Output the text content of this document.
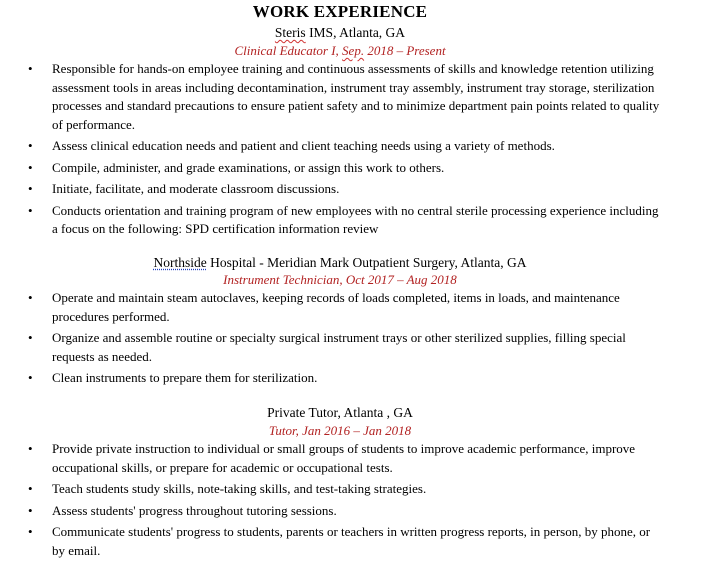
WORK EXPERIENCE
Steris IMS, Atlanta, GA
Clinical Educator I, Sep. 2018 – Present
• Responsible for hands-on employee training and continuous assessments of skills and knowledge retention utilizing assessment tools in areas including decontamination, instrument tray assembly, instrument tray storage, sterilization processes and standard precautions to ensure patient safety and to minimize department pain points related to quality of performance.
• Assess clinical education needs and patient and client teaching needs using a variety of methods.
• Compile, administer, and grade examinations, or assign this work to others.
• Initiate, facilitate, and moderate classroom discussions.
• Conducts orientation and training program of new employees with no central sterile processing experience including a focus on the following: SPD certification information review
Northside Hospital - Meridian Mark Outpatient Surgery, Atlanta, GA
Instrument Technician, Oct 2017 – Aug 2018
• Operate and maintain steam autoclaves, keeping records of loads completed, items in loads, and maintenance procedures performed.
• Organize and assemble routine or specialty surgical instrument trays or other sterilized supplies, filling special requests as needed.
• Clean instruments to prepare them for sterilization.
Private Tutor, Atlanta , GA
Tutor, Jan 2016 – Jan 2018
• Provide private instruction to individual or small groups of students to improve academic performance, improve occupational skills, or prepare for academic or occupational tests.
• Teach students study skills, note-taking skills, and test-taking strategies.
• Assess students' progress throughout tutoring sessions.
• Communicate students' progress to students, parents or teachers in written progress reports, in person, by phone, or by email.
